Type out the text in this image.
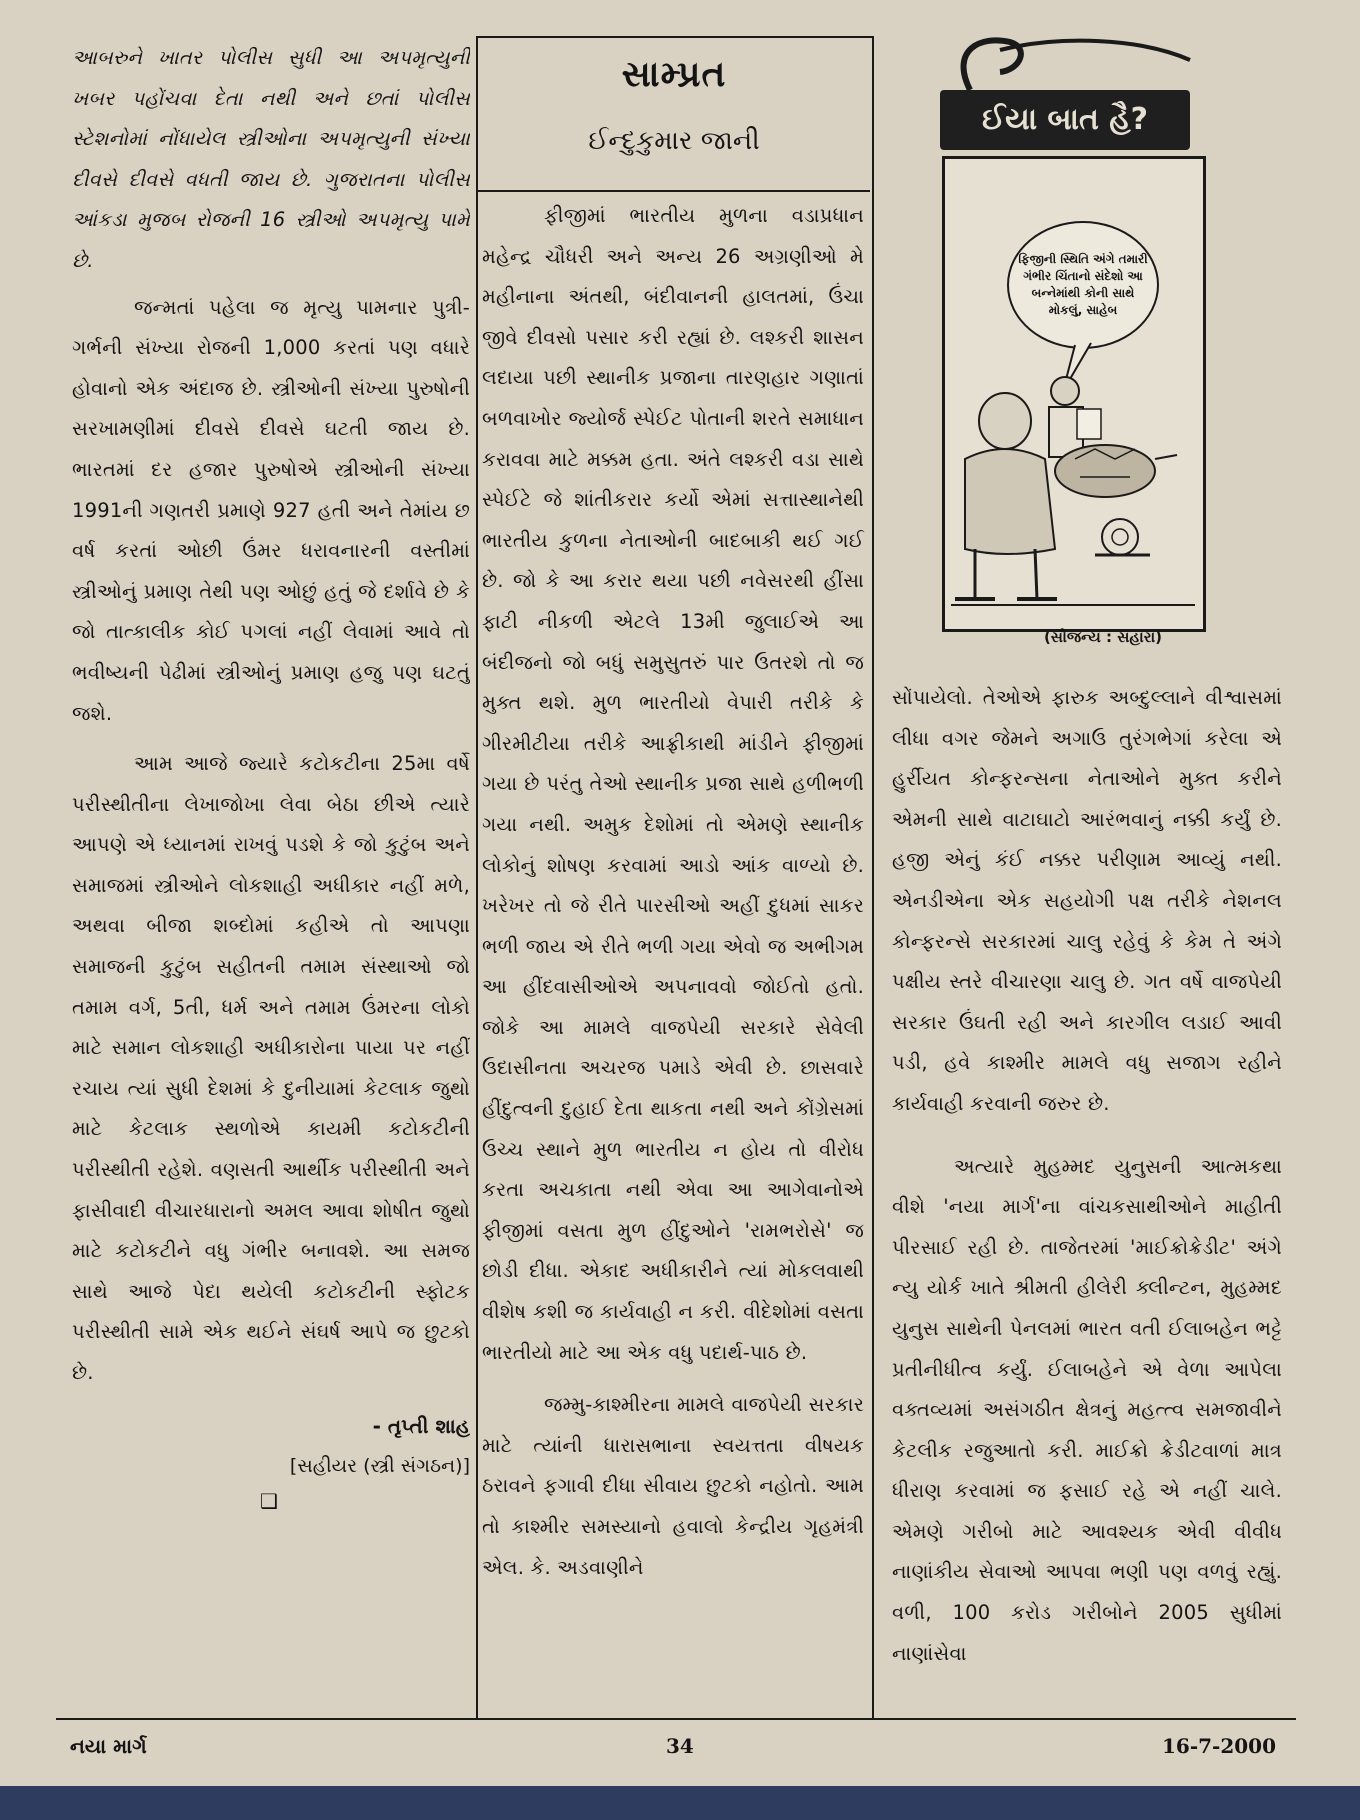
આબરુને ખાતર પોલીસ સુધી આ અપમૃત્યુની ખબર પહોંચવા દેતા નથી અને છતાં પોલીસ સ્ટેશનોમાં નોંધાયેલ સ્ત્રીઓના અપમૃત્યુની સંખ્યા દીવસે દીવસે વધતી જાય છે. ગુજરાતના પોલીસ આંકડા મુજબ રોજની 16 સ્ત્રીઓ અપમૃત્યુ પામે છે.

જન્મતાં પહેલા જ મૃત્યુ પામનાર પુત્રી-ગર્ભની સંખ્યા રોજની 1,000 કરતાં પણ વધારે હોવાનો એક અંદાજ છે. સ્ત્રીઓની સંખ્યા પુરુષોની સરખામણીમાં દીવસે દીવસે ઘટતી જાય છે. ભારતમાં દર હજાર પુરુષોએ સ્ત્રીઓની સંખ્યા 1991ની ગણતરી પ્રમાણે 927 હતી અને તેમાંય છ વર્ષ કરતાં ઓછી ઉંમર ધરાવનારની વસ્તીમાં સ્ત્રીઓનું પ્રમાણ તેથી પણ ઓછું હતું જે દર્શાવે છે કે જો તાત્કાલીક કોઈ પગલાં નહીં લેવામાં આવે તો ભવીષ્યની પેઢીમાં સ્ત્રીઓનું પ્રમાણ હજુ પણ ઘટતું જશે.

આમ આજે જ્યારે કટોકટીના 25મા વર્ષે પરીસ્થીતીના લેખાજોખા લેવા બેઠા છીએ ત્યારે આપણે એ ધ્યાનમાં રાખવું પડશે કે જો કુટુંબ અને સમાજમાં સ્ત્રીઓને લોકશાહી અધીકાર નહીં મળે, અથવા બીજા શબ્દોમાં કહીએ તો આપણા સમાજની કુટુંબ સહીતની તમામ સંસ્થાઓ જો તમામ વર્ગ, 5તી, ધર્મ અને તમામ ઉંમરના લોકો માટે સમાન લોકશાહી અધીકારોના પાયા પર નહીં રચાય ત્યાં સુધી દેશમાં કે દુનીયામાં કેટલાક જુથો માટે કેટલાક સ્થળોએ કાયમી કટોકટીની પરીસ્થીતી રહેશે. વણસતી આર્થીક પરીસ્થીતી અને ફાસીવાદી વીચારધારાનો અમલ આવા શોષીત જુથો માટે કટોકટીને વધુ ગંભીર બનાવશે. આ સમજ સાથે આજે પેદા થયેલી કટોકટીની સ્ફોટક પરીસ્થીતી સામે એક થઈને સંઘર્ષ આપે જ છુટકો છે.

- તૃપ્તી શાહ
[સહીયર (સ્ત્રી સંગઠન)]
❑
સામ્પ્રત
ઈન્દુકુમાર જાની

ફીજીમાં ભારતીય મુળના વડાપ્રધાન મહેન્દ્ર ચૌધરી અને અન્ય 26 અગ્રણીઓ મે મહીનાના અંતથી, બંદીવાનની હાલતમાં, ઉંચા જીવે દીવસો પસાર કરી રહ્યાં છે. લશ્કરી શાસન લદાયા પછી સ્થાનીક પ્રજાના તારણહાર ગણાતાં બળવાખોર જ્યોર્જ સ્પેઈટ પોતાની શરતે સમાધાન કરાવવા માટે મક્કમ હતા. અંતે લશ્કરી વડા સાથે સ્પેઈટે જે શાંતીકરાર કર્યો એમાં સત્તાસ્થાનેથી ભારતીય કુળના નેતાઓની બાદબાકી થઈ ગઈ છે. જો કે આ કરાર થયા પછી નવેસરથી હીંસા ફાટી નીકળી એટલે 13મી જુલાઈએ આ બંદીજનો જો બધું સમુસુતરું પાર ઉતરશે તો જ મુક્ત થશે. મુળ ભારતીયો વેપારી તરીકે કે ગીરમીટીયા તરીકે આફ્રીકાથી માંડીને ફીજીમાં ગયા છે પરંતુ તેઓ સ્થાનીક પ્રજા સાથે હળીભળી ગયા નથી. અમુક દેશોમાં તો એમણે સ્થાનીક લોકોનું શોષણ કરવામાં આડો આંક વાળ્યો છે. ખરેખર તો જે રીતે પારસીઓ અહીં દુધમાં સાકર ભળી જાય એ રીતે ભળી ગયા એવો જ અભીગમ આ હીંદવાસીઓએ અપનાવવો જોઈતો હતો. જોકે આ મામલે વાજપેયી સરકારે સેવેલી ઉદાસીનતા અચરજ પમાડે એવી છે. છાસવારે હીંદુત્વની દુહાઈ દેતા થાકતા નથી અને કોંગ્રેસમાં ઉચ્ચ સ્થાને મુળ ભારતીય ન હોય તો વીરોધ કરતા અચકાતા નથી એવા આ આગેવાનોએ ફીજીમાં વસતા મુળ હીંદુઓને 'રામભરોસે' જ છોડી દીધા. એકાદ અધીકારીને ત્યાં મોકલવાથી વીશેષ કશી જ કાર્યવાહી ન કરી. વીદેશોમાં વસતા ભારતીયો માટે આ એક વધુ પદાર્થ-પાઠ છે.

જમ્મુ-કાશ્મીરના મામલે વાજપેયી સરકાર માટે ત્યાંની ધારાસભાના સ્વયત્તતા વીષયક ઠરાવને ફગાવી દીધા સીવાય છુટકો નહોતો. આમ તો કાશ્મીર સમસ્યાનો હવાલો કેન્દ્રીય ગૃહમંત્રી એલ. કે. અડવાણીને

ઈયા બાત હૈ?
ફિજીની સ્થિતિ અંગે તમારી ગંભીર ચિંતાનો સંદેશો આ બન્નેમાંથી કોની સાથે મોકલું, સાહેબ
(સૌજન્ય : સહારા)

સોંપાયેલો. તેઓએ ફારુક અબ્દુલ્લાને વીશ્વાસમાં લીધા વગર જેમને અગાઉ તુરંગભેગાં કરેલા એ હુર્રીયત કોન્ફરન્સના નેતાઓને મુક્ત કરીને એમની સાથે વાટાઘાટો આરંભવાનું નક્કી કર્યું છે. હજી એનું કંઈ નક્કર પરીણામ આવ્યું નથી. એનડીએના એક સહયોગી પક્ષ તરીકે નેશનલ કોન્ફરન્સે સરકારમાં ચાલુ રહેવું કે કેમ તે અંગે પક્ષીય સ્તરે વીચારણા ચાલુ છે. ગત વર્ષે વાજપેયી સરકાર ઉંઘતી રહી અને કારગીલ લડાઈ આવી પડી, હવે કાશ્મીર મામલે વધુ સજાગ રહીને કાર્યવાહી કરવાની જરુર છે.

અત્યારે મુહમ્મદ યુનુસની આત્મકથા વીશે 'નયા માર્ગ'ના વાંચકસાથીઓને માહીતી પીરસાઈ રહી છે. તાજેતરમાં 'માઈક્રોક્રેડીટ' અંગે ન્યુ યોર્ક ખાતે શ્રીમતી હીલેરી ક્લીન્ટન, મુહમ્મદ યુનુસ સાથેની પેનલમાં ભારત વતી ઈલાબહેન ભટ્ટે પ્રતીનીધીત્વ કર્યું. ઈલાબહેને એ વેળા આપેલા વક્તવ્યમાં અસંગઠીત ક્ષેત્રનું મહત્ત્વ સમજાવીને કેટલીક રજુઆતો કરી. માઈક્રો ક્રેડીટવાળાં માત્ર ધીરાણ કરવામાં જ ફસાઈ રહે એ નહીં ચાલે. એમણે ગરીબો માટે આવશ્યક એવી વીવીધ નાણાંકીય સેવાઓ આપવા ભણી પણ વળવું રહ્યું. વળી, 100 કરોડ ગરીબોને 2005 સુધીમાં નાણાંસેવા

નયા માર્ગ	34	16-7-2000
